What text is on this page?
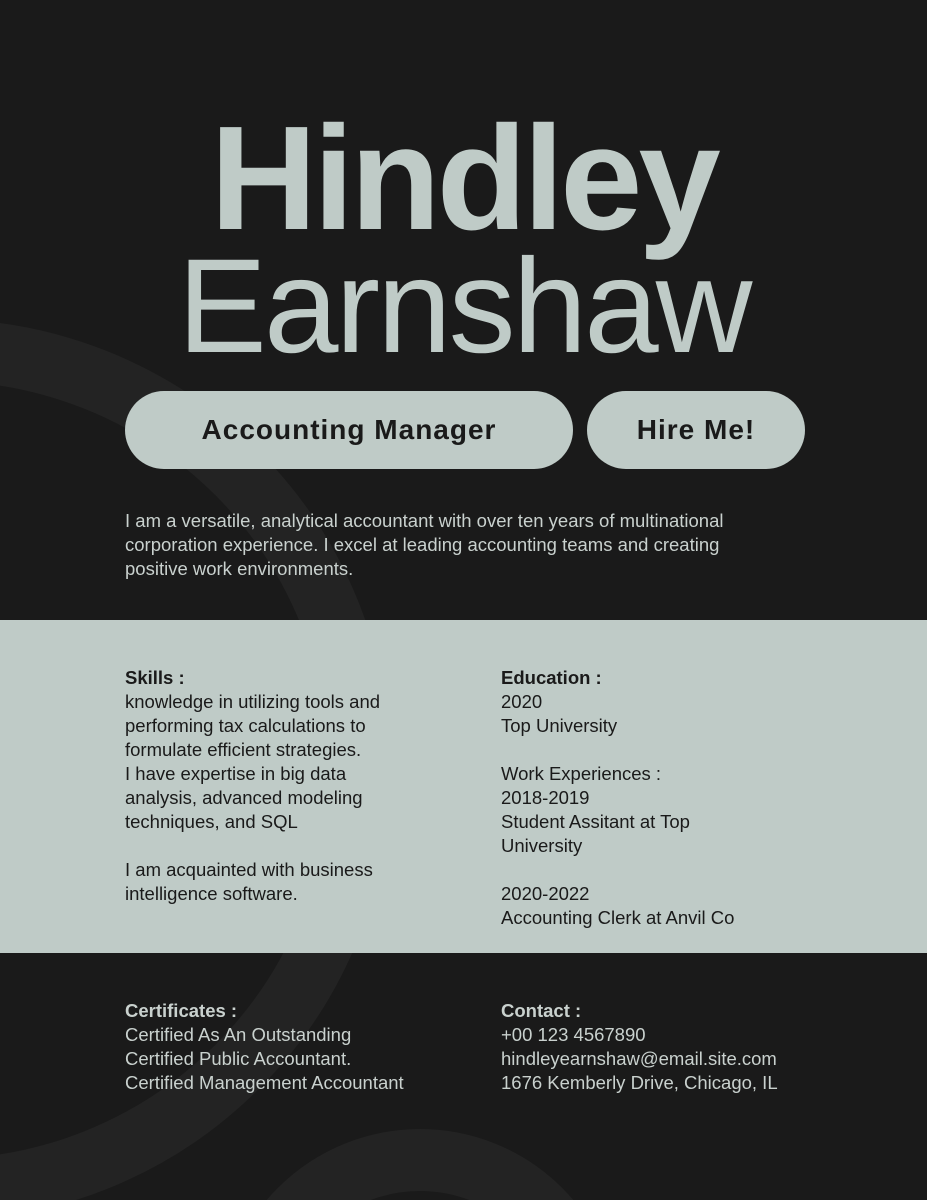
Hindley
Earnshaw
Accounting Manager	Hire Me!

I am a versatile, analytical accountant with over ten years of multinational
corporation experience. I excel at leading accounting teams and creating
positive work environments.

Skills :
knowledge in utilizing tools and
performing tax calculations to
formulate efficient strategies.
I have expertise in big data
analysis, advanced modeling
techniques, and SQL
I am acquainted with business
intelligence software.
Education :
2020
Top University
Work Experiences :
2018-2019
Student Assitant at Top
University
2020-2022
Accounting Clerk at Anvil Co
Certificates :
Certified As An Outstanding
Certified Public Accountant.
Certified Management Accountant
Contact :
+00 123 4567890
hindleyearnshaw@email.site.com
1676 Kemberly Drive, Chicago, IL
